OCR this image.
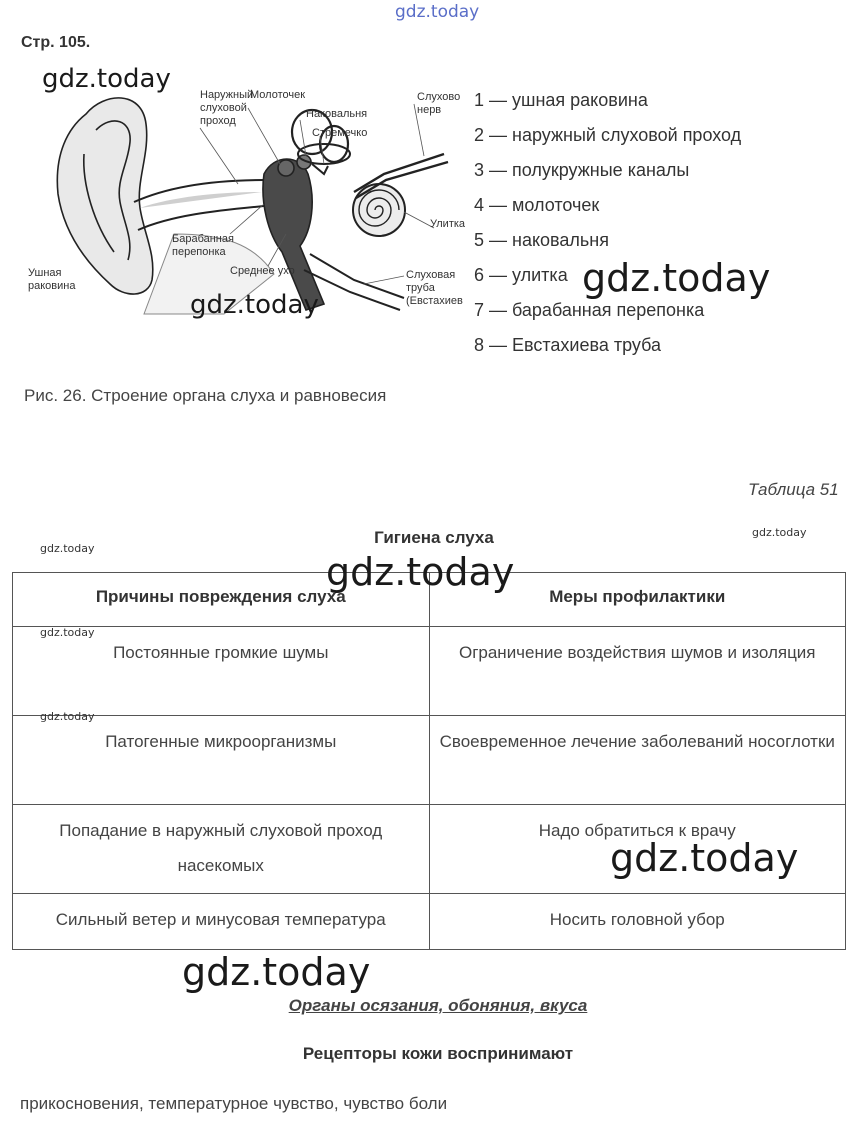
gdz.today
Стр. 105.
Наружный
слуховой
проход
Молоточек
Наковальня
Стремечко
Слухово
нерв
Улитка
Барабанная
перепонка
Среднее ухо
Ушная
раковина
Слуховая
труба
(Евстахиев
1 — ушная раковина
2 — наружный слуховой проход
3 — полукружные каналы
4 — молоточек
5 — наковальня
6 — улитка
7 — барабанная перепонка
8 — Евстахиева труба
gdz.today
gdz.today
gdz.today
Рис. 26. Строение органа слуха и равновесия
Таблица 51
Гигиена слуха
gdz.today
gdz.today
Причины повреждения слуха	Меры профилактики
Постоянные громкие шумы	Ограничение воздействия шумов и изоляция
Патогенные микроорганизмы	Своевременное лечение заболеваний носоглотки
Попадание в наружный слуховой проход насекомых	Надо обратиться к врачу
Сильный ветер и минусовая температура	Носить головной убор
gdz.today
gdz.today
gdz.today
gdz.today
gdz.today
Органы осязания, обоняния, вкуса
Рецепторы кожи воспринимают
прикосновения, температурное чувство, чувство боли
